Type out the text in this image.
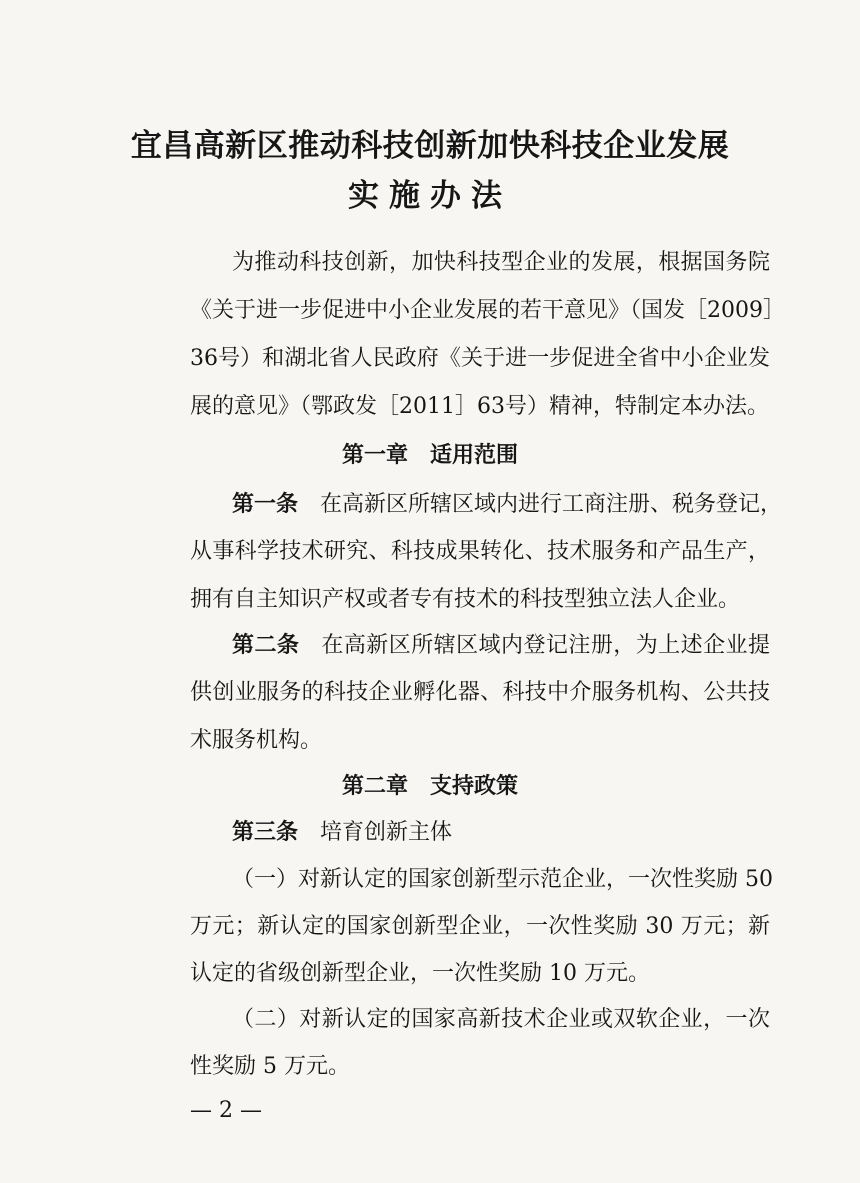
宜昌高新区推动科技创新加快科技企业发展
实施办法
为推动科技创新，加快科技型企业的发展，根据国务院
《关于进一步促进中小企业发展的若干意见》（国发［2009］
36号）和湖北省人民政府《关于进一步促进全省中小企业发
展的意见》（鄂政发［2011］63号）精神，特制定本办法。
第一章 适用范围
第一条 在高新区所辖区域内进行工商注册、税务登记，
从事科学技术研究、科技成果转化、技术服务和产品生产，
拥有自主知识产权或者专有技术的科技型独立法人企业。
第二条 在高新区所辖区域内登记注册，为上述企业提
供创业服务的科技企业孵化器、科技中介服务机构、公共技
术服务机构。
第二章 支持政策
第三条 培育创新主体
（一）对新认定的国家创新型示范企业，一次性奖励 50
万元；新认定的国家创新型企业，一次性奖励 30 万元；新
认定的省级创新型企业，一次性奖励 10 万元。
（二）对新认定的国家高新技术企业或双软企业，一次
性奖励 5 万元。
— 2 —
